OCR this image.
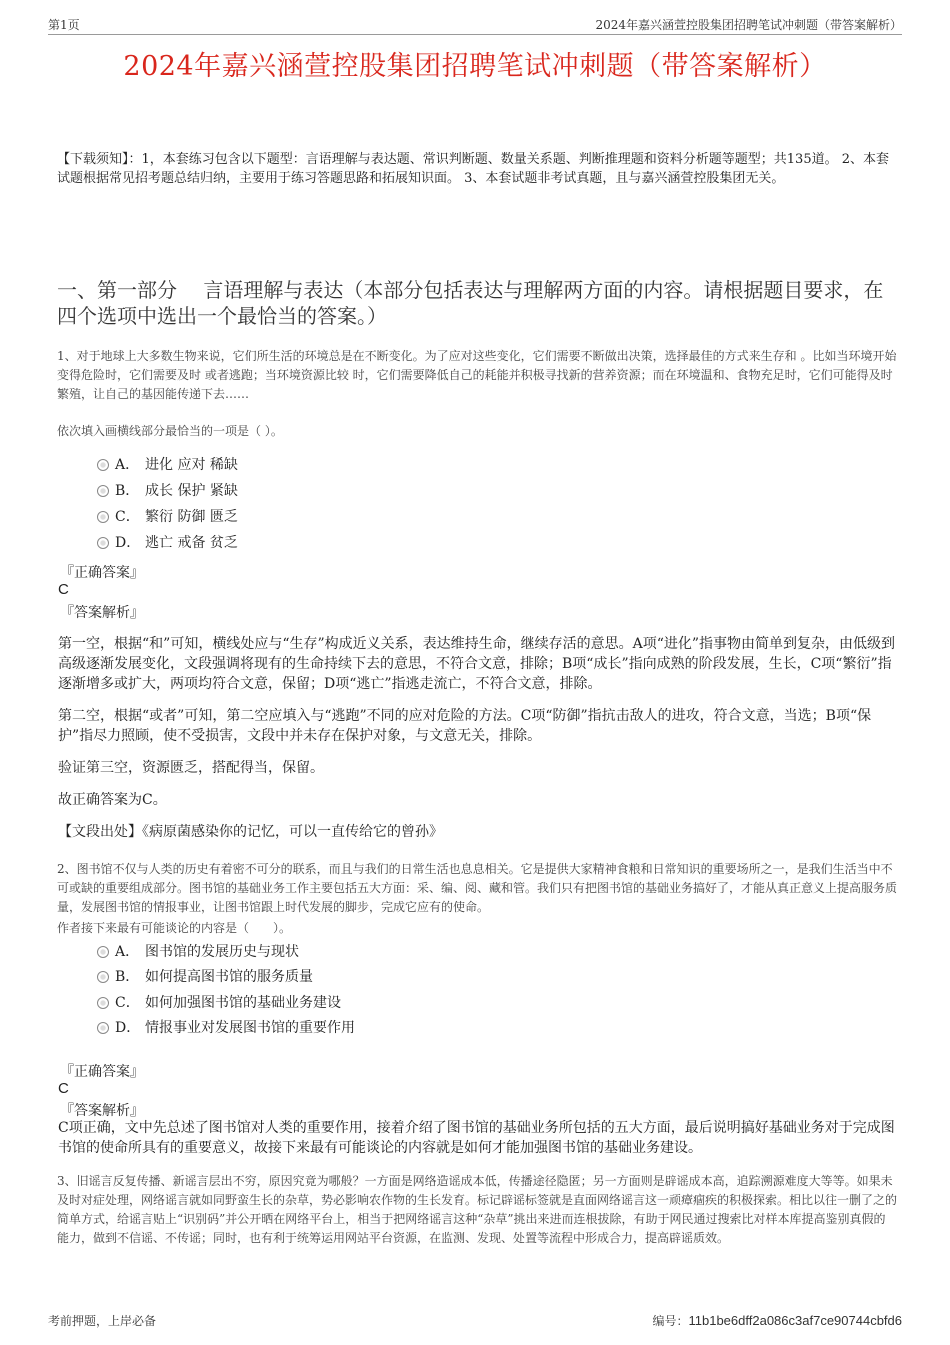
第1页	2024年嘉兴涵萱控股集团招聘笔试冲刺题（带答案解析）
2024年嘉兴涵萱控股集团招聘笔试冲刺题（带答案解析）
【下载须知】：1，本套练习包含以下题型：言语理解与表达题、常识判断题、数量关系题、判断推理题和资料分析题等题型；共135道。 2、本套试题根据常见招考题总结归纳，主要用于练习答题思路和拓展知识面。 3、本套试题非考试真题，且与嘉兴涵萱控股集团无关。
一、第一部分　 言语理解与表达（本部分包括表达与理解两方面的内容。请根据题目要求，在四个选项中选出一个最恰当的答案。）
1、对于地球上大多数生物来说，它们所生活的环境总是在不断变化。为了应对这些变化，它们需要不断做出决策，选择最佳的方式来生存和 。比如当环境开始变得危险时，它们需要及时 或者逃跑；当环境资源比较 时，它们需要降低自己的耗能并积极寻找新的营养资源；而在环境温和、食物充足时，它们可能得及时繁殖，让自己的基因能传递下去……
依次填入画横线部分最恰当的一项是（ ）。
A． 进化 应对 稀缺
B． 成长 保护 紧缺
C． 繁衍 防御 匮乏
D． 逃亡 戒备 贫乏
『正确答案』
C
『答案解析』
第一空，根据“和”可知，横线处应与“生存”构成近义关系，表达维持生命，继续存活的意思。A项“进化”指事物由简单到复杂，由低级到高级逐渐发展变化，文段强调将现有的生命持续下去的意思，不符合文意，排除；B项“成长”指向成熟的阶段发展，生长，C项“繁衍”指逐渐增多或扩大，两项均符合文意，保留；D项“逃亡”指逃走流亡，不符合文意，排除。
第二空，根据“或者”可知，第二空应填入与“逃跑”不同的应对危险的方法。C项“防御”指抗击敌人的进攻，符合文意，当选；B项“保护”指尽力照顾，使不受损害，文段中并未存在保护对象，与文意无关，排除。
验证第三空，资源匮乏，搭配得当，保留。
故正确答案为C。
【文段出处】《病原菌感染你的记忆，可以一直传给它的曾孙》
2、图书馆不仅与人类的历史有着密不可分的联系，而且与我们的日常生活也息息相关。它是提供大家精神食粮和日常知识的重要场所之一，是我们生活当中不可或缺的重要组成部分。图书馆的基础业务工作主要包括五大方面：采、编、阅、藏和管。我们只有把图书馆的基础业务搞好了，才能从真正意义上提高服务质量，发展图书馆的情报事业，让图书馆跟上时代发展的脚步，完成它应有的使命。
作者接下来最有可能谈论的内容是（　　）。
A． 图书馆的发展历史与现状
B． 如何提高图书馆的服务质量
C． 如何加强图书馆的基础业务建设
D． 情报事业对发展图书馆的重要作用
『正确答案』
C
『答案解析』
C项正确，文中先总述了图书馆对人类的重要作用，接着介绍了图书馆的基础业务所包括的五大方面，最后说明搞好基础业务对于完成图书馆的使命所具有的重要意义，故接下来最有可能谈论的内容就是如何才能加强图书馆的基础业务建设。
3、旧谣言反复传播、新谣言层出不穷，原因究竟为哪般？一方面是网络造谣成本低，传播途径隐匿；另一方面则是辟谣成本高，追踪溯源难度大等等。如果未及时对症处理，网络谣言就如同野蛮生长的杂草，势必影响农作物的生长发育。标记辟谣标签就是直面网络谣言这一顽瘴痼疾的积极探索。相比以往一删了之的简单方式，给谣言贴上“识别码”并公开晒在网络平台上，相当于把网络谣言这种“杂草”挑出来进而连根拔除，有助于网民通过搜索比对样本库提高鉴别真假的能力，做到不信谣、不传谣；同时，也有利于统筹运用网站平台资源，在监测、发现、处置等流程中形成合力，提高辟谣质效。
考前押题，上岸必备	编号：11b1be6dff2a086c3af7ce90744cbfd6
